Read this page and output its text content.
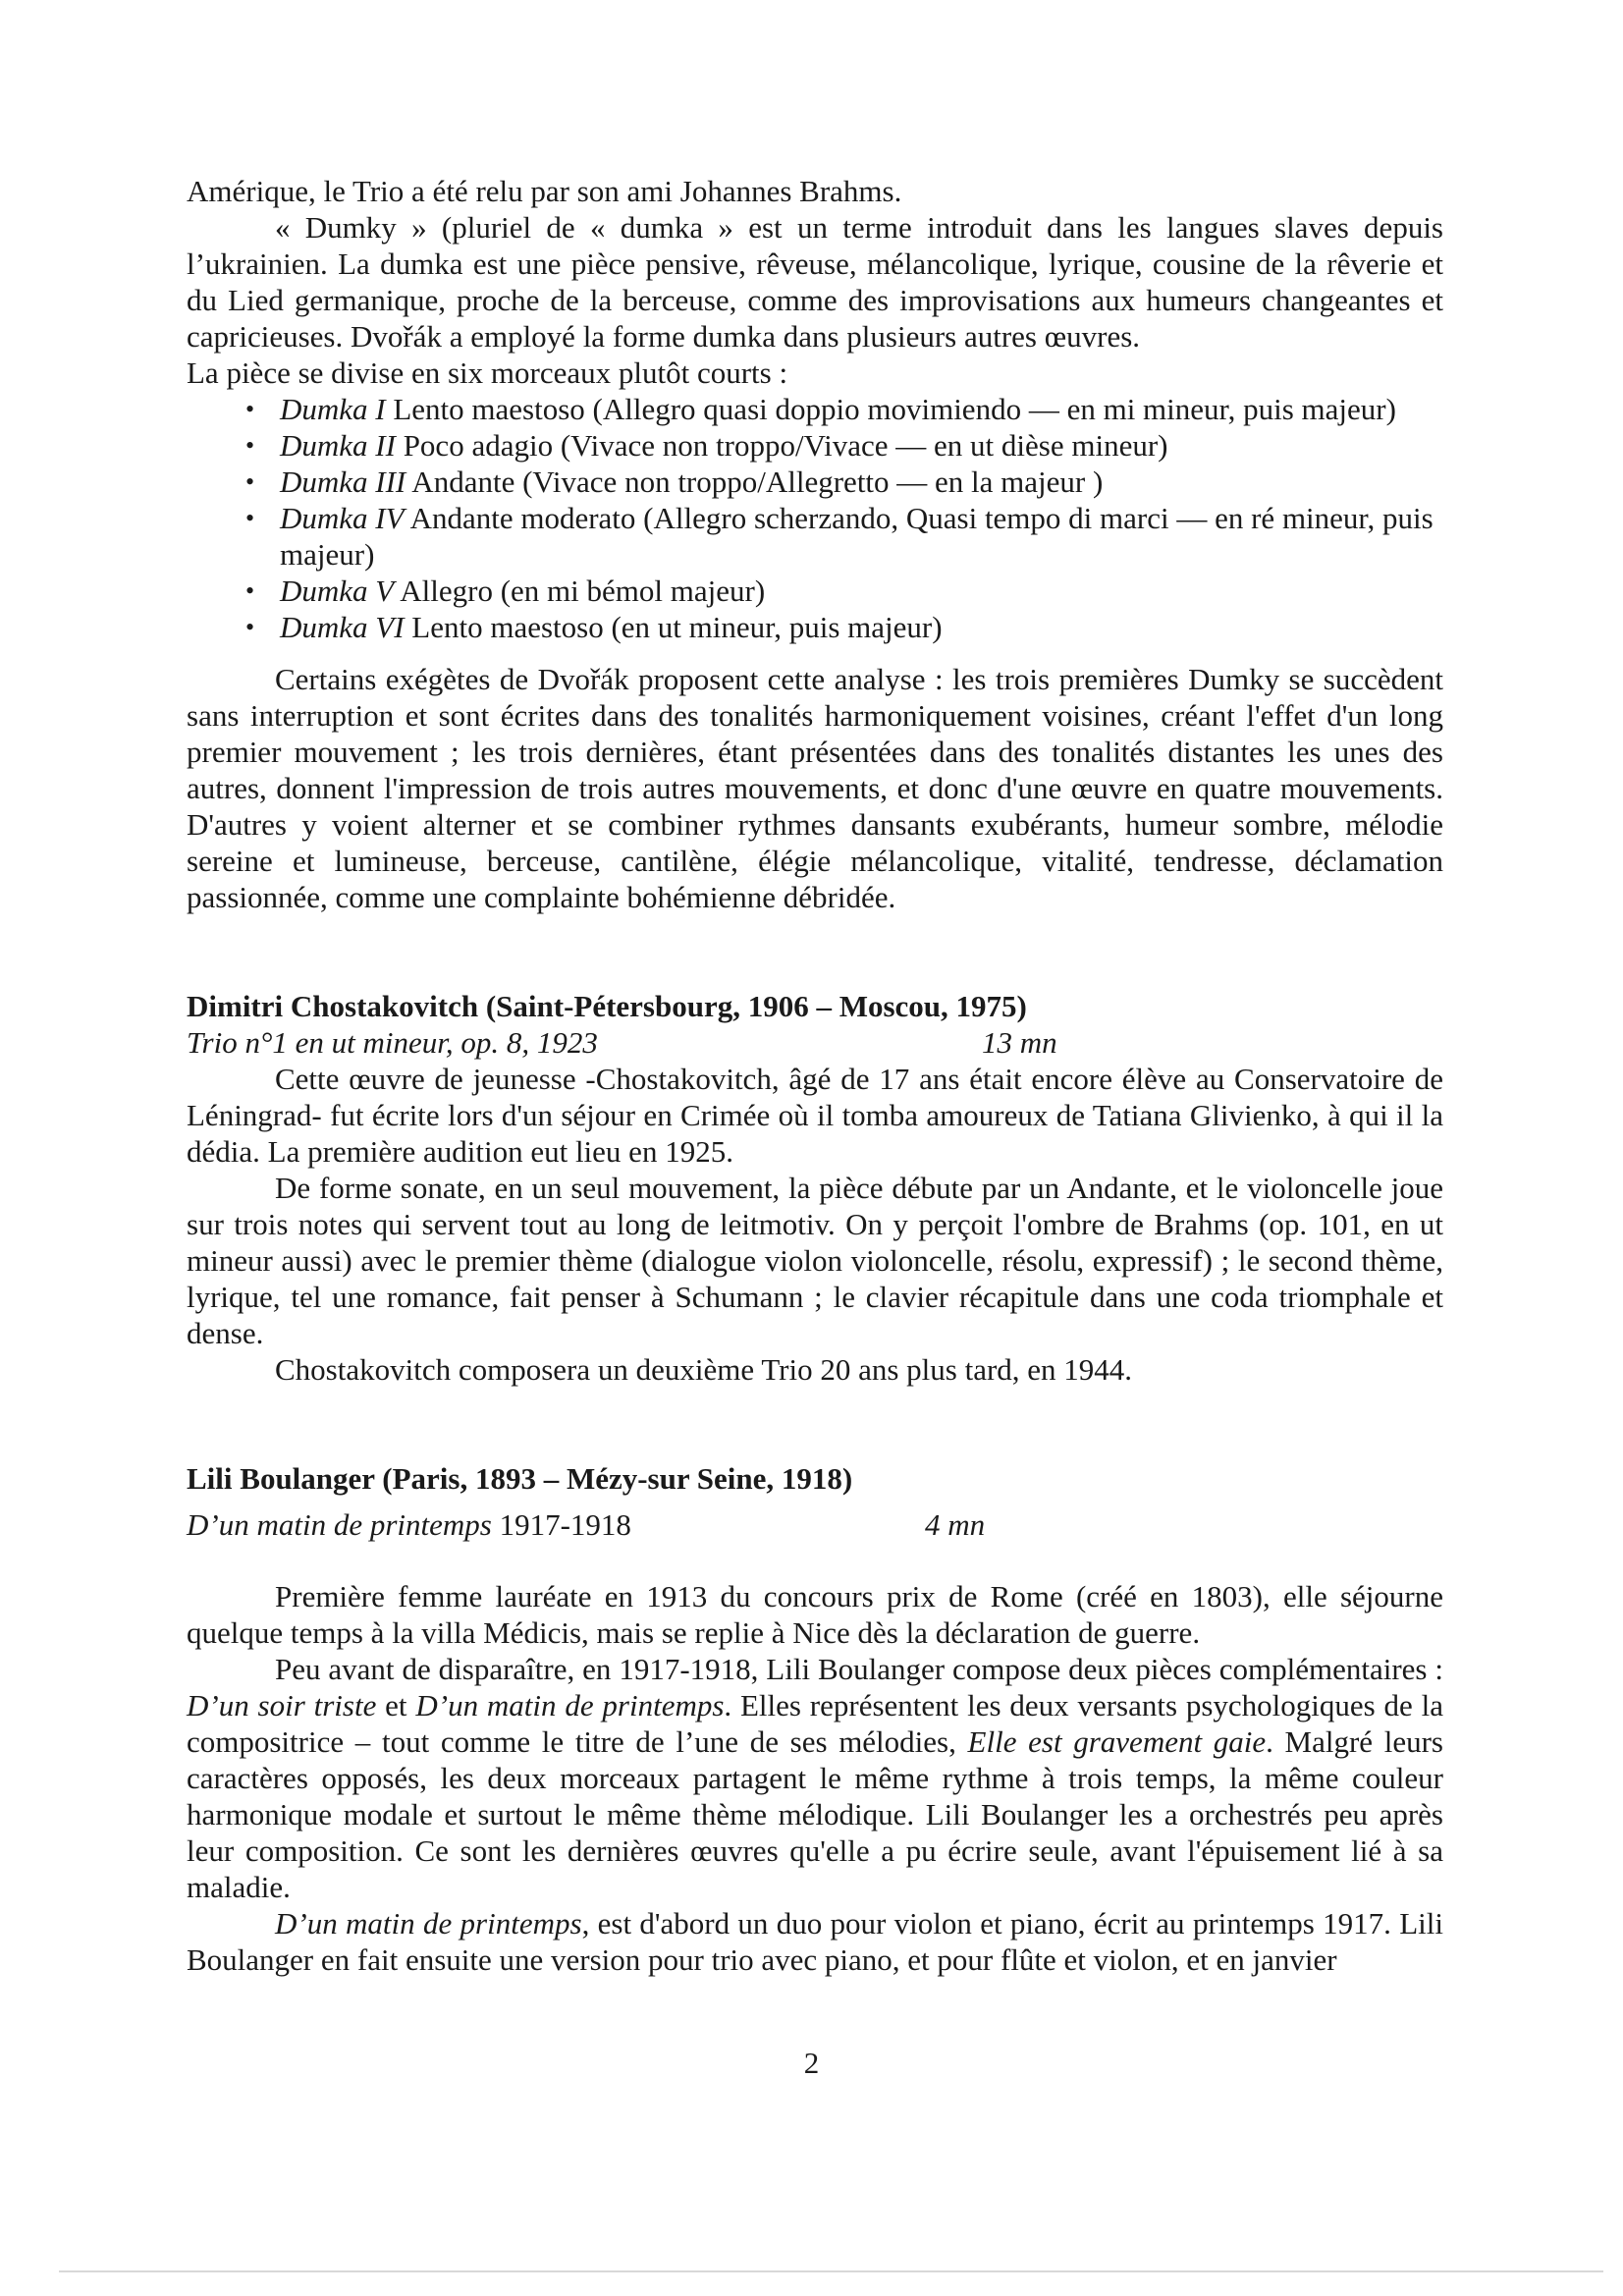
Amérique, le Trio a été relu par son ami Johannes Brahms.

« Dumky » (pluriel de « dumka » est un terme introduit dans les langues slaves depuis l’ukrainien. La dumka est une pièce pensive, rêveuse, mélancolique, lyrique, cousine de la rêverie et du Lied germanique, proche de la berceuse, comme des improvisations aux humeurs changeantes et capricieuses. Dvořák a employé la forme dumka dans plusieurs autres œuvres.

La pièce se divise en six morceaux plutôt courts :

• Dumka I Lento maestoso (Allegro quasi doppio movimiendo — en mi mineur, puis majeur)
• Dumka II Poco adagio (Vivace non troppo/Vivace — en ut dièse mineur)
• Dumka III Andante (Vivace non troppo/Allegretto — en la majeur )
• Dumka IV Andante moderato (Allegro scherzando, Quasi tempo di marci — en ré mineur, puis majeur)
• Dumka V Allegro (en mi bémol majeur)
• Dumka VI Lento maestoso (en ut mineur, puis majeur)

Certains exégètes de Dvořák proposent cette analyse : les trois premières Dumky se succèdent sans interruption et sont écrites dans des tonalités harmoniquement voisines, créant l'effet d'un long premier mouvement ; les trois dernières, étant présentées dans des tonalités distantes les unes des autres, donnent l'impression de trois autres mouvements, et donc d'une œuvre en quatre mouvements. D'autres y voient alterner et se combiner rythmes dansants exubérants, humeur sombre, mélodie sereine et lumineuse, berceuse, cantilène, élégie mélancolique, vitalité, tendresse, déclamation passionnée, comme une complainte bohémienne débridée.

Dimitri Chostakovitch (Saint-Pétersbourg, 1906 – Moscou, 1975)

Trio n°1 en ut mineur, op. 8, 1923	13 mn

Cette œuvre de jeunesse -Chostakovitch, âgé de 17 ans était encore élève au Conservatoire de Léningrad- fut écrite lors d'un séjour en Crimée où il tomba amoureux de Tatiana Glivienko, à qui il la dédia. La première audition eut lieu en 1925.

De forme sonate, en un seul mouvement, la pièce débute par un Andante, et le violoncelle joue sur trois notes qui servent tout au long de leitmotiv. On y perçoit l'ombre de Brahms (op. 101, en ut mineur aussi) avec le premier thème (dialogue violon violoncelle, résolu, expressif) ; le second thème, lyrique, tel une romance, fait penser à Schumann ; le clavier récapitule dans une coda triomphale et dense.

Chostakovitch composera un deuxième Trio 20 ans plus tard, en 1944.

Lili Boulanger (Paris, 1893 – Mézy-sur Seine, 1918)

D’un matin de printemps 1917-1918	4 mn

Première femme lauréate en 1913 du concours prix de Rome (créé en 1803), elle séjourne quelque temps à la villa Médicis, mais se replie à Nice dès la déclaration de guerre.

Peu avant de disparaître, en 1917-1918, Lili Boulanger compose deux pièces complémentaires : D’un soir triste et D’un matin de printemps. Elles représentent les deux versants psychologiques de la compositrice – tout comme le titre de l’une de ses mélodies, Elle est gravement gaie. Malgré leurs caractères opposés, les deux morceaux partagent le même rythme à trois temps, la même couleur harmonique modale et surtout le même thème mélodique. Lili Boulanger les a orchestrés peu après leur composition. Ce sont les dernières œuvres qu'elle a pu écrire seule, avant l'épuisement lié à sa maladie.

D’un matin de printemps, est d'abord un duo pour violon et piano, écrit au printemps 1917. Lili Boulanger en fait ensuite une version pour trio avec piano, et pour flûte et violon, et en janvier

2
